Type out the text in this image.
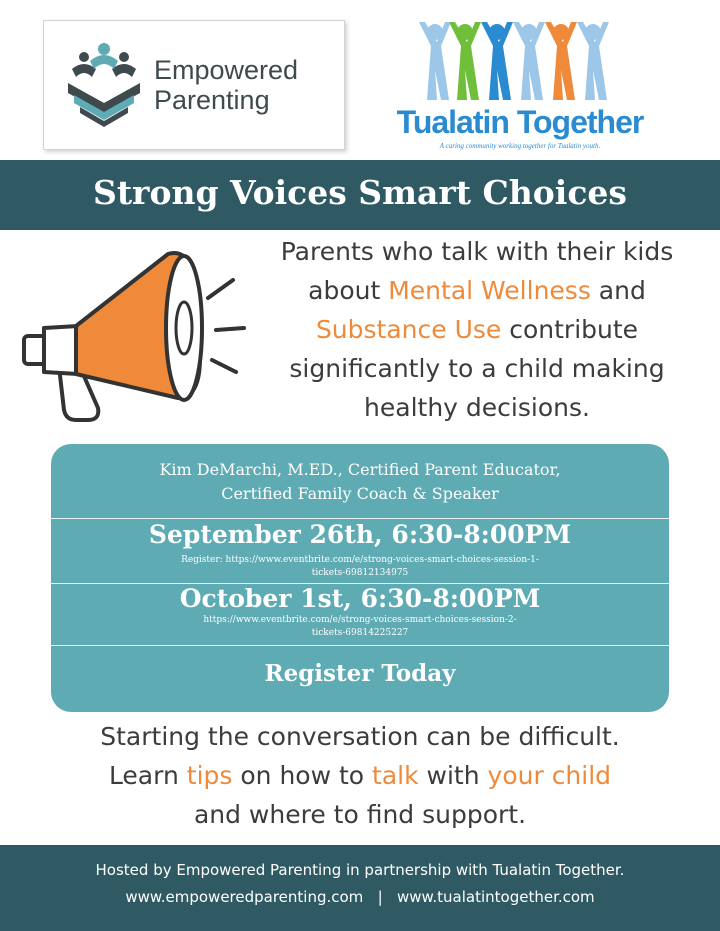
Empowered
Parenting
Tualatin Together
A caring community working together for Tualatin youth.
Strong Voices Smart Choices
Parents who talk with their kids
about Mental Wellness and
Substance Use contribute
significantly to a child making
healthy decisions.
Kim DeMarchi, M.ED., Certified Parent Educator,
Certified Family Coach & Speaker
September 26th, 6:30-8:00PM
Register: https://www.eventbrite.com/e/strong-voices-smart-choices-session-1-
tickets-69812134975
October 1st, 6:30-8:00PM
https://www.eventbrite.com/e/strong-voices-smart-choices-session-2-
tickets-69814225227
Register Today
Starting the conversation can be difficult.
Learn tips on how to talk with your child
and where to find support.
Hosted by Empowered Parenting in partnership with Tualatin Together.
www.empoweredparenting.com   |   www.tualatintogether.com
